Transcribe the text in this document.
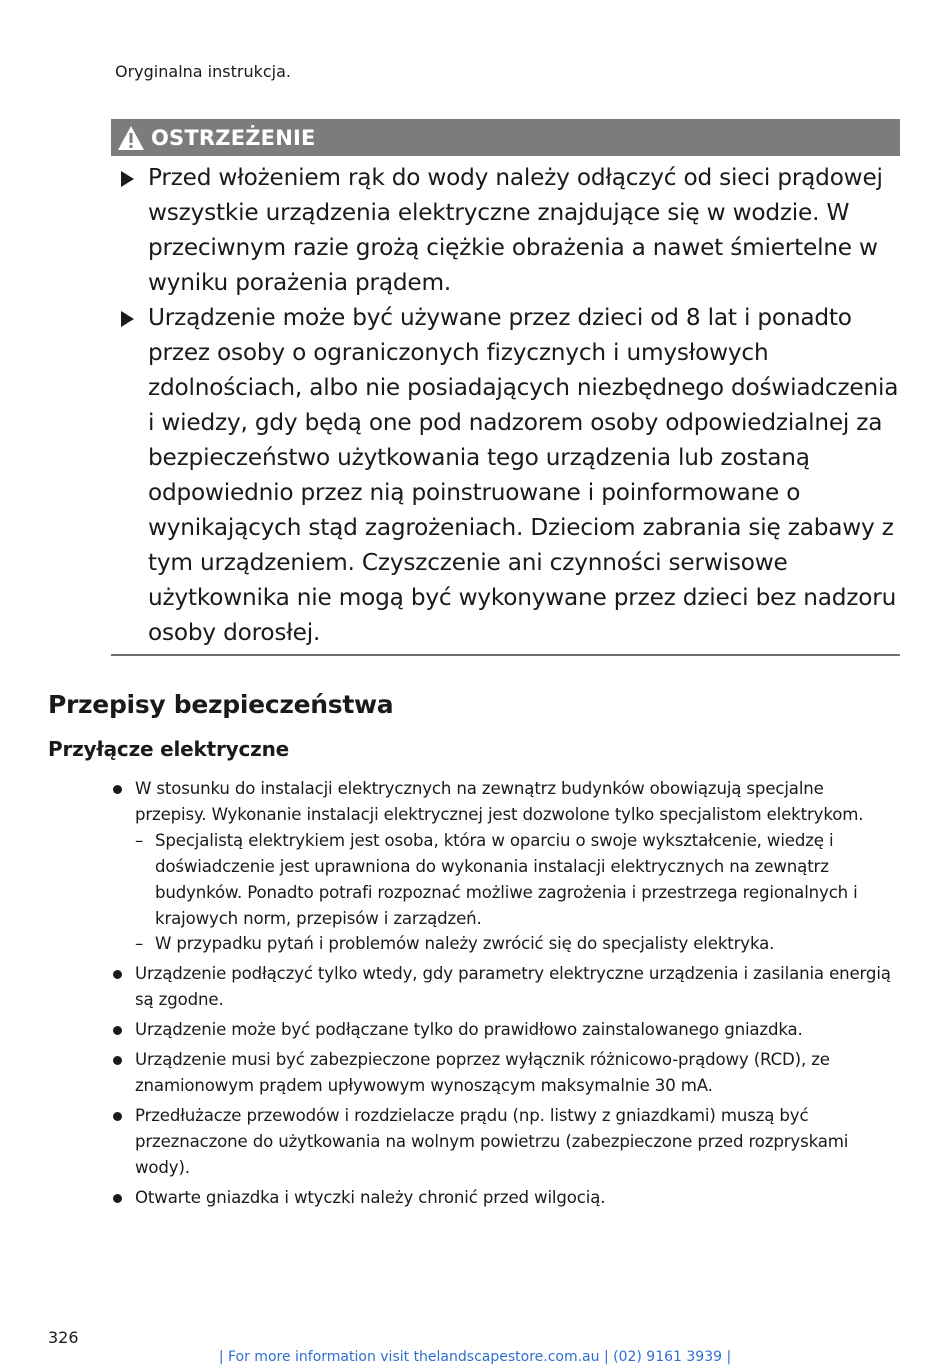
Oryginalna instrukcja.
OSTRZEŻENIE
Przed włożeniem rąk do wody należy odłączyć od sieci prądowej wszystkie urządzenia elektryczne znajdujące się w wodzie. W przeciwnym razie grożą ciężkie obrażenia a nawet śmiertelne w wyniku porażenia prądem.
Urządzenie może być używane przez dzieci od 8 lat i ponadto przez osoby o ograniczonych fizycznych i umysłowych zdolnościach, albo nie posiadających niezbędnego doświadczenia i wiedzy, gdy będą one pod nadzorem osoby odpowiedzialnej za bezpieczeństwo użytkowania tego urządzenia lub zostaną odpowiednio przez nią poinstruowane i poinformowane o wynikających stąd zagrożeniach. Dzieciom zabrania się zabawy z tym urządzeniem. Czyszczenie ani czynności serwisowe użytkownika nie mogą być wykonywane przez dzieci bez nadzoru osoby dorosłej.
Przepisy bezpieczeństwa
Przyłącze elektryczne
W stosunku do instalacji elektrycznych na zewnątrz budynków obowiązują specjalne przepisy. Wykonanie instalacji elektrycznej jest dozwolone tylko specjalistom elektrykom.
– Specjalistą elektrykiem jest osoba, która w oparciu o swoje wykształcenie, wiedzę i doświadczenie jest uprawniona do wykonania instalacji elektrycznych na zewnątrz budynków. Ponadto potrafi rozpoznać możliwe zagrożenia i przestrzega regionalnych i krajowych norm, przepisów i zarządzeń.
– W przypadku pytań i problemów należy zwrócić się do specjalisty elektryka.
Urządzenie podłączyć tylko wtedy, gdy parametry elektryczne urządzenia i zasilania energią są zgodne.
Urządzenie może być podłączane tylko do prawidłowo zainstalowanego gniazdka.
Urządzenie musi być zabezpieczone poprzez wyłącznik różnicowo-prądowy (RCD), ze znamionowym prądem upływowym wynoszącym maksymalnie 30 mA.
Przedłużacze przewodów i rozdzielacze prądu (np. listwy z gniazdkami) muszą być przeznaczone do użytkowania na wolnym powietrzu (zabezpieczone przed rozpryskami wody).
Otwarte gniazdka i wtyczki należy chronić przed wilgocią.
326
| For more information visit thelandscapestore.com.au | (02) 9161 3939 |
